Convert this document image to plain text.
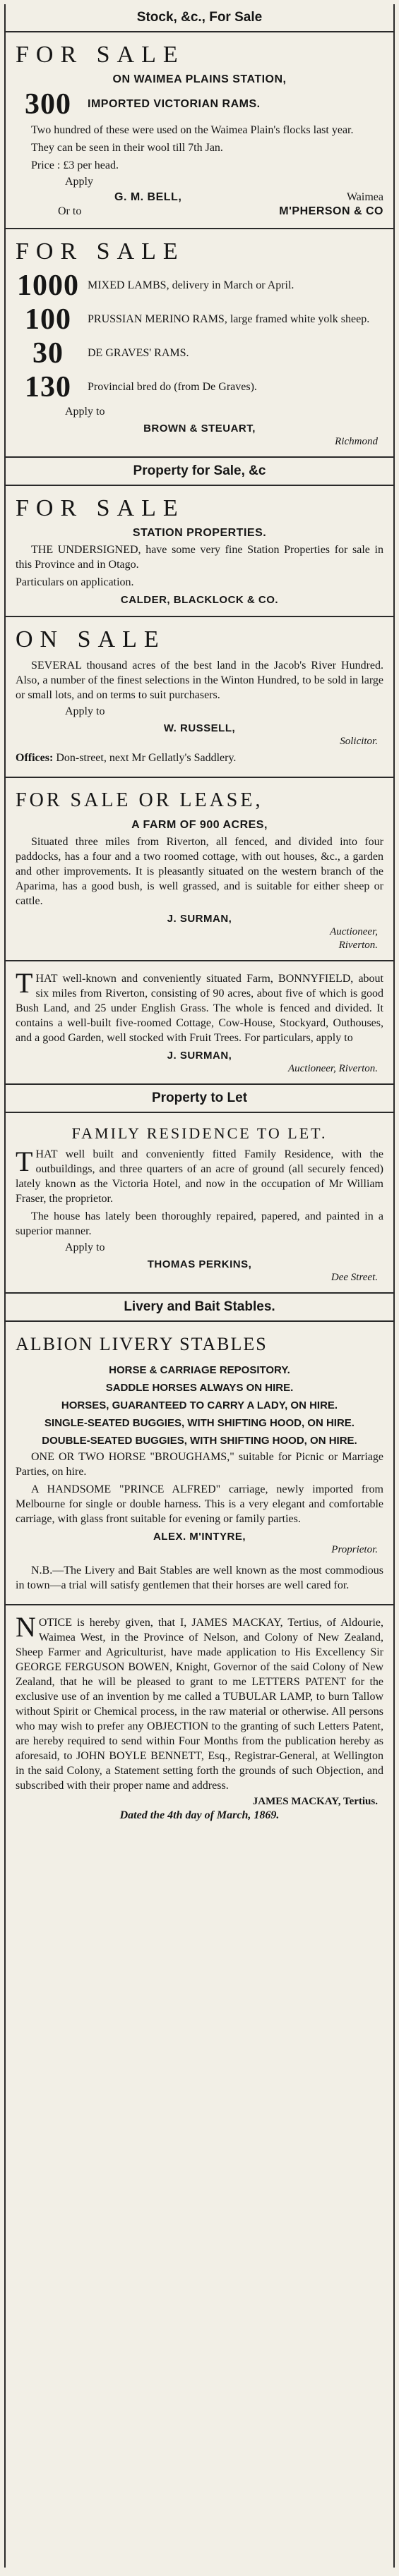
Stock, &c., For Sale
FOR SALE
ON WAIMEA PLAINS STATION,
300	IMPORTED VICTORIAN RAMS.

Two hundred of these were used on the Waimea Plain's flocks last year.

They can be seen in their wool till 7th Jan.

Price : £3 per head.

Apply
G. M. BELL,	Waimea
Or to	M'PHERSON & CO
FOR SALE
1000 MIXED LAMBS, delivery in March or April.
100	PRUSSIAN MERINO RAMS, large framed white yolk sheep.
30	DE GRAVES' RAMS.
130	Provincial bred do (from De Graves).
Apply to
BROWN & STEUART,
Richmond
Property for Sale, &c
FOR SALE
STATION PROPERTIES.

THE UNDERSIGNED, have some very fine Station Properties for sale in this Province and in Otago.

Particulars on application.

CALDER, BLACKLOCK & CO.
ON SALE

SEVERAL thousand acres of the best land in the Jacob's River Hundred. Also, a number of the finest selections in the Winton Hundred, to be sold in large or small lots, and on terms to suit purchasers.

Apply to
W. RUSSELL,
Solicitor.

Offices: Don-street, next Mr Gellatly's Saddlery.

FOR SALE OR LEASE,
A FARM OF 900 ACRES,

Situated three miles from Riverton, all fenced, and divided into four paddocks, has a four and a two roomed cottage, with out houses, &c., a garden and other improvements. It is pleasantly situated on the western branch of the Aparima, has a good bush, is well grassed, and is suitable for either sheep or cattle.

J. SURMAN,
Auctioneer,
Riverton.
T HAT well-known and conveniently situated Farm, BONNYFIELD, about six miles from Riverton, consisting of 90 acres, about five of which is good Bush Land, and 25 under English Grass. The whole is fenced and divided. It contains a well-built five-roomed Cottage, Cow-House, Stockyard, Outhouses, and a good Garden, well stocked with Fruit Trees. For particulars, apply to

J. SURMAN,
Auctioneer, Riverton.
Property to Let
FAMILY RESIDENCE TO LET.
T HAT well built and conveniently fitted Family Residence, with the outbuildings, and three quarters of an acre of ground (all securely fenced) lately known as the Victoria Hotel, and now in the occupation of Mr William Fraser, the proprietor.

The house has lately been thoroughly repaired, papered, and painted in a superior manner.

Apply to
THOMAS PERKINS,
Dee Street.
Livery and Bait Stables.
ALBION LIVERY STABLES
HORSE & CARRIAGE REPOSITORY.
SADDLE HORSES ALWAYS ON HIRE.
HORSES, GUARANTEED TO CARRY A LADY, ON HIRE.
SINGLE-SEATED BUGGIES, WITH SHIFTING HOOD, ON HIRE.
DOUBLE-SEATED BUGGIES, WITH SHIFTING HOOD, ON HIRE.

ONE OR TWO HORSE "BROUGHAMS," suitable for Picnic or Marriage Parties, on hire.

A HANDSOME "PRINCE ALFRED" carriage, newly imported from Melbourne for single or double harness. This is a very elegant and comfortable carriage, with glass front suitable for evening or family parties.

ALEX. M'INTYRE,
Proprietor.

N.B.—The Livery and Bait Stables are well known as the most commodious in town—a trial will satisfy gentlemen that their horses are well cared for.

N OTICE is hereby given, that I, JAMES MACKAY, Tertius, of Aldourie, Waimea West, in the Province of Nelson, and Colony of New Zealand, Sheep Farmer and Agriculturist, have made application to His Excellency Sir GEORGE FERGUSON BOWEN, Knight, Governor of the said Colony of New Zealand, that he will be pleased to grant to me LETTERS PATENT for the exclusive use of an invention by me called a TUBULAR LAMP, to burn Tallow without Spirit or Chemical process, in the raw material or otherwise. All persons who may wish to prefer any OBJECTION to the granting of such Letters Patent, are hereby required to send within Four Months from the publication hereby as aforesaid, to JOHN BOYLE BENNETT, Esq., Registrar-General, at Wellington in the said Colony, a Statement setting forth the grounds of such Objection, and subscribed with their proper name and address.

JAMES MACKAY, Tertius.
Dated the 4th day of March, 1869.
